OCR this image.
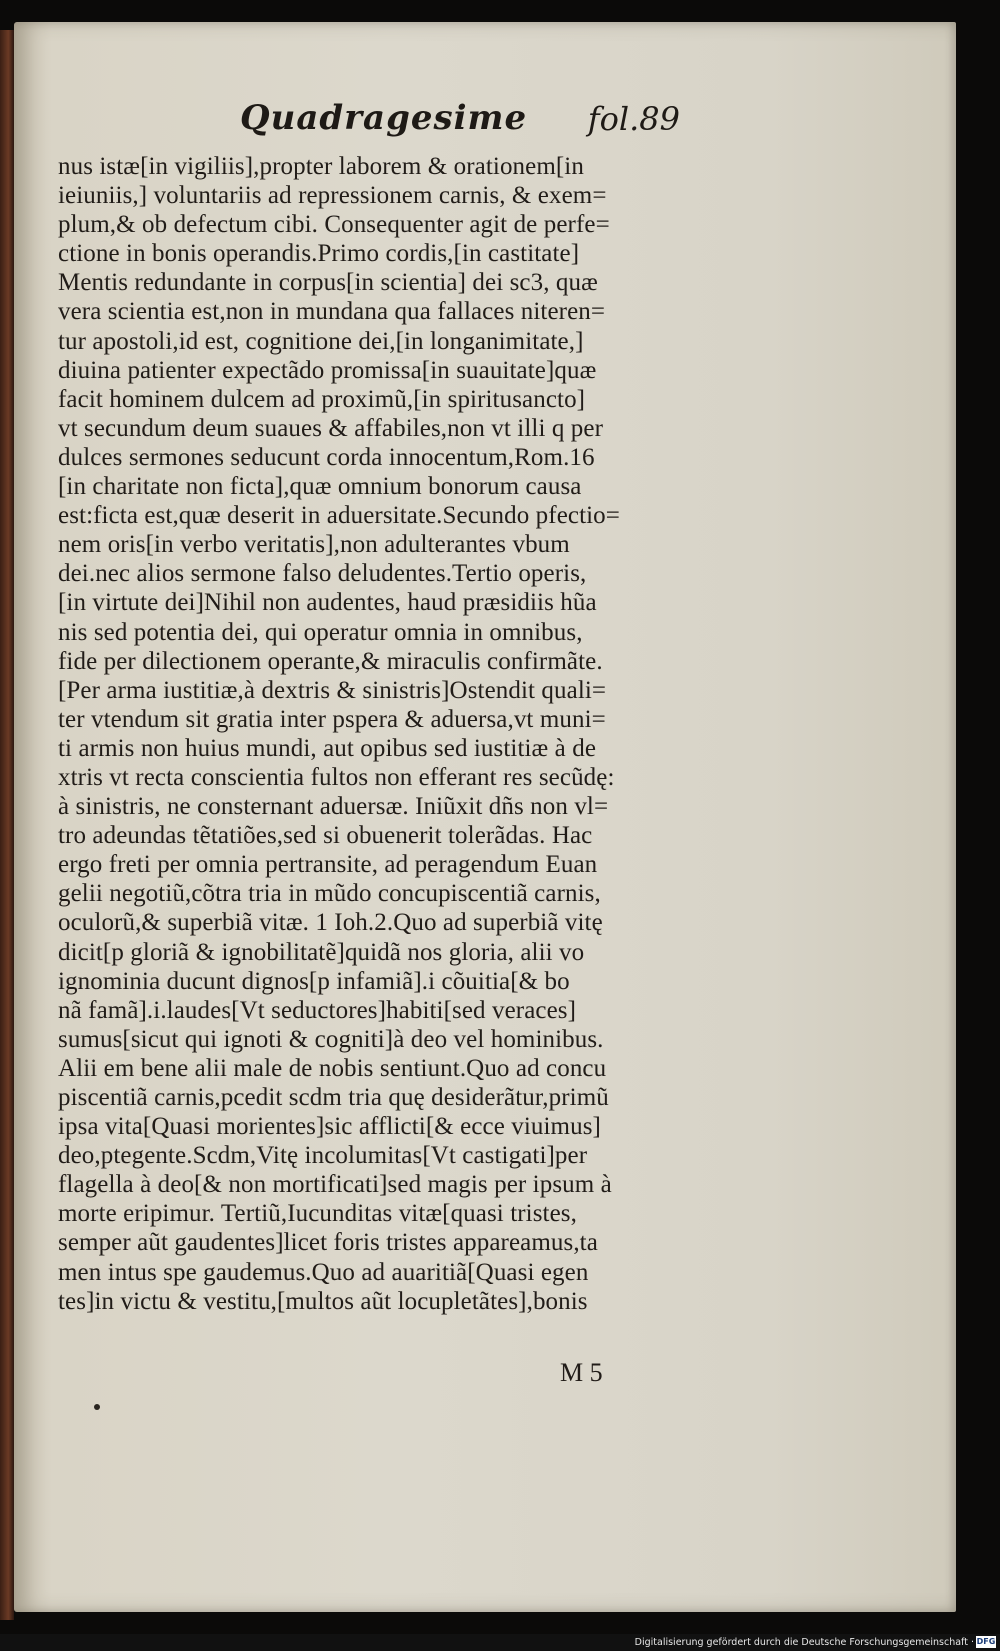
Quadragesime fol.89
nus istæ[in vigiliis],propter laborem & orationem[in
ieiuniis,] voluntariis ad repressionem carnis, & exem=
plum,& ob defectum cibi. Consequenter agit de perfe=
ctione in bonis operandis.Primo cordis,[in castitate]
Mentis redundante in corpus[in scientia] dei sc3, quæ
vera scientia est,non in mundana qua fallaces niteren=
tur apostoli,id est, cognitione dei,[in longanimitate,]
diuina patienter expectãdo promissa[in suauitate]quæ
facit hominem dulcem ad proximũ,[in spiritusancto]
vt secundum deum suaues & affabiles,non vt illi q per
dulces sermones seducunt corda innocentum,Rom.16
[in charitate non ficta],quæ omnium bonorum causa
est:ficta est,quæ deserit in aduersitate.Secundo pfectio=
nem oris[in verbo veritatis],non adulterantes vbum
dei.nec alios sermone falso deludentes.Tertio operis,
[in virtute dei]Nihil non audentes, haud præsidiis hũa
nis sed potentia dei, qui operatur omnia in omnibus,
fide per dilectionem operante,& miraculis confirmãte.
[Per arma iustitiæ,à dextris & sinistris]Ostendit quali=
ter vtendum sit gratia inter pspera & aduersa,vt muni=
ti armis non huius mundi, aut opibus sed iustitiæ à de
xtris vt recta conscientia fultos non efferant res secũdę:
à sinistris, ne consternant aduersæ. Iniũxit dñs non vl=
tro adeundas tẽtatiões,sed si obuenerit tolerãdas. Hac
ergo freti per omnia pertransite, ad peragendum Euan
gelii negotiũ,cõtra tria in mũdo concupiscentiã carnis,
oculorũ,& superbiã vitæ. 1 Ioh.2.Quo ad superbiã vitę
dicit[p gloriã & ignobilitatẽ]quidã nos gloria, alii vo
ignominia ducunt dignos[p infamiã].i cõuitia[& bo
nã famã].i.laudes[Vt seductores]habiti[sed veraces]
sumus[sicut qui ignoti & cogniti]à deo vel hominibus.
Alii em bene alii male de nobis sentiunt.Quo ad concu
piscentiã carnis,pcedit scdm tria quę desiderãtur,primũ
ipsa vita[Quasi morientes]sic afflicti[& ecce viuimus]
deo,ptegente.Scdm,Vitę incolumitas[Vt castigati]per
flagella à deo[& non mortificati]sed magis per ipsum à
morte eripimur. Tertiũ,Iucunditas vitæ[quasi tristes,
semper aũt gaudentes]licet foris tristes appareamus,ta
men intus spe gaudemus.Quo ad auaritiã[Quasi egen
tes]in victu & vestitu,[multos aũt locupletãtes],bonis
M 5
Digitalisierung gefördert durch die Deutsche Forschungsgemeinschaft · DFG
